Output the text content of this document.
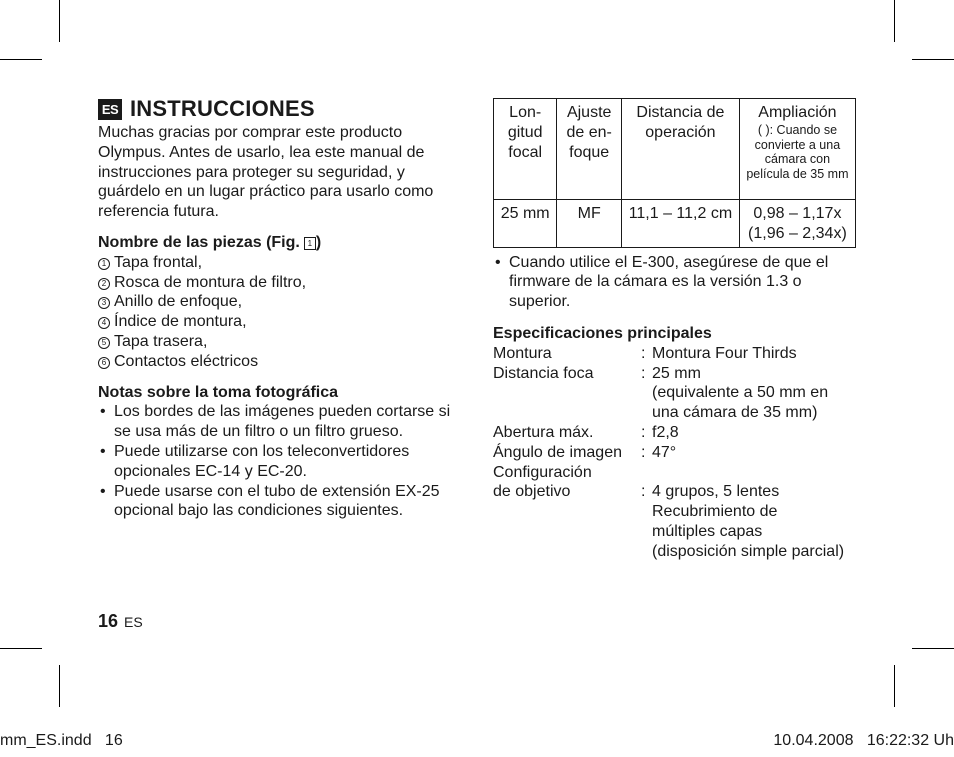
ES INSTRUCCIONES

Muchas gracias por comprar este producto Olympus. Antes de usarlo, lea este manual de instrucciones para proteger su seguridad, y guárdelo en un lugar práctico para usarlo como referencia futura.

Nombre de las piezas (Fig. 1 )

1 Tapa frontal,
2 Rosca de montura de filtro,
3 Anillo de enfoque,
4 Índice de montura,
5 Tapa trasera,
6 Contactos eléctricos

Notas sobre la toma fotográfica

• Los bordes de las imágenes pueden cortarse si se usa más de un filtro o un filtro grueso.
• Puede utilizarse con los teleconvertidores opcionales EC-14 y EC-20.
• Puede usarse con el tubo de extensión EX-25 opcional bajo las condiciones siguientes.
Lon-
gitud
focal	Ajuste
de en-
foque	Distancia de
operación	Ampliación
( ): Cuando se convierte a una cámara con película de 35 mm

25 mm	MF	11,1 – 11,2 cm	0,98 – 1,17x
(1,96 – 2,34x)
• Cuando utilice el E-300, asegúrese de que el firmware de la cámara es la versión 1.3 o superior.

Especificaciones principales

Montura	: Montura Four Thirds
Distancia foca	: 25 mm
(equivalente a 50 mm en
una cámara de 35 mm)
Abertura máx.	: f2,8
Ángulo de imagen	: 47°
Configuración
de objetivo	: 4 grupos, 5 lentes
Recubrimiento de
múltiples capas
(disposición simple parcial)
16 ES
mm_ES.indd   16	10.04.2008   16:22:32 Uh
